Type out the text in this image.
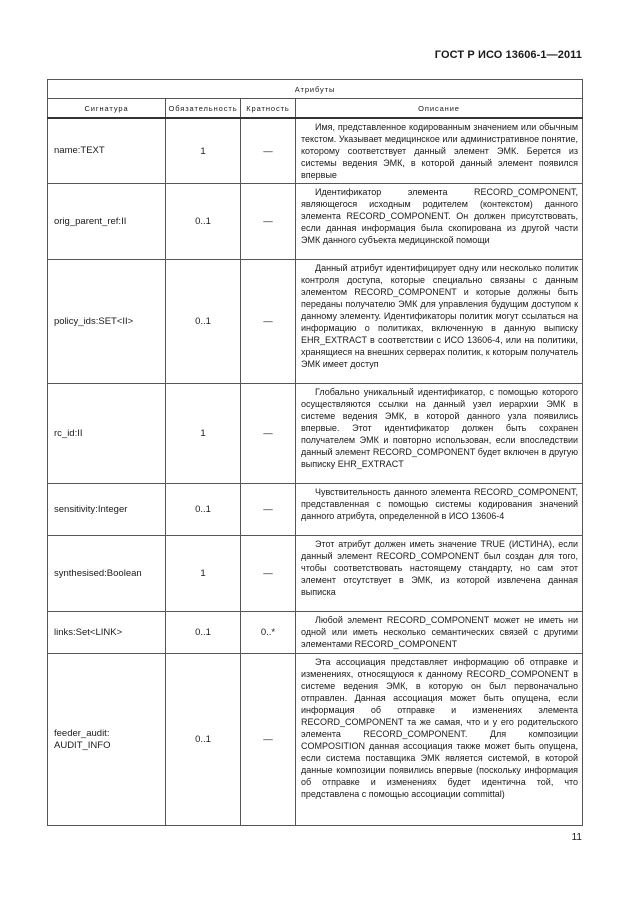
ГОСТ Р ИСО 13606-1—2011
Атрибуты			
Сигнатура	Обязательность	Кратность	Описание
name:TEXT	1	—	Имя, представленное кодированным значением или обычным текстом. Указывает медицинское или административное понятие, которому соответствует данный элемент ЭМК. Берется из системы ведения ЭМК, в которой данный элемент появился впервые
orig_parent_ref:II	0..1	—	Идентификатор элемента RECORD_COMPONENT, являющегося исходным родителем (контекстом) данного элемента RECORD_COMPONENT. Он должен присутствовать, если данная информация была скопирована из другой части ЭМК данного субъекта медицинской помощи
policy_ids:SET<II>	0..1	—	Данный атрибут идентифицирует одну или несколько политик контроля доступа, которые специально связаны с данным элементом RECORD_COMPONENT и которые должны быть переданы получателю ЭМК для управления будущим доступом к данному элементу. Идентификаторы политик могут ссылаться на информацию о политиках, включенную в данную выписку EHR_EXTRACT в соответствии с ИСО 13606-4, или на политики, хранящиеся на внешних серверах политик, к которым получатель ЭМК имеет доступ
rc_id:II	1	—	Глобально уникальный идентификатор, с помощью которого осуществляются ссылки на данный узел иерархии ЭМК в системе ведения ЭМК, в которой данного узла появились впервые. Этот идентификатор должен быть сохранен получателем ЭМК и повторно использован, если впоследствии данный элемент RECORD_COMPONENT будет включен в другую выписку EHR_EXTRACT
sensitivity:Integer	0..1	—	Чувствительность данного элемента RECORD_COMPONENT, представленная с помощью системы кодирования значений данного атрибута, определенной в ИСО 13606-4
synthesised:Boolean	1	—	Этот атрибут должен иметь значение TRUE (ИСТИНА), если данный элемент RECORD_COMPONENT был создан для того, чтобы соответствовать настоящему стандарту, но сам этот элемент отсутствует в ЭМК, из которой извлечена данная выписка
links:Set<LINK>	0..1	0..*	Любой элемент RECORD_COMPONENT может не иметь ни одной или иметь несколько семантических связей с другими элементами RECORD_COMPONENT
feeder_audit: AUDIT_INFO	0..1	—	Эта ассоциация представляет информацию об отправке и изменениях, относящуюся к данному RECORD_COMPONENT в системе ведения ЭМК, в которую он был первоначально отправлен. Данная ассоциация может быть опущена, если информация об отправке и изменениях элемента RECORD_COMPONENT та же самая, что и у его родительского элемента RECORD_COMPONENT. Для композиции COMPOSITION данная ассоциация также может быть опущена, если система поставщика ЭМК является системой, в которой данные композиции появились впервые (поскольку информация об отправке и изменениях будет идентична той, что представлена с помощью ассоциации committal)
11
